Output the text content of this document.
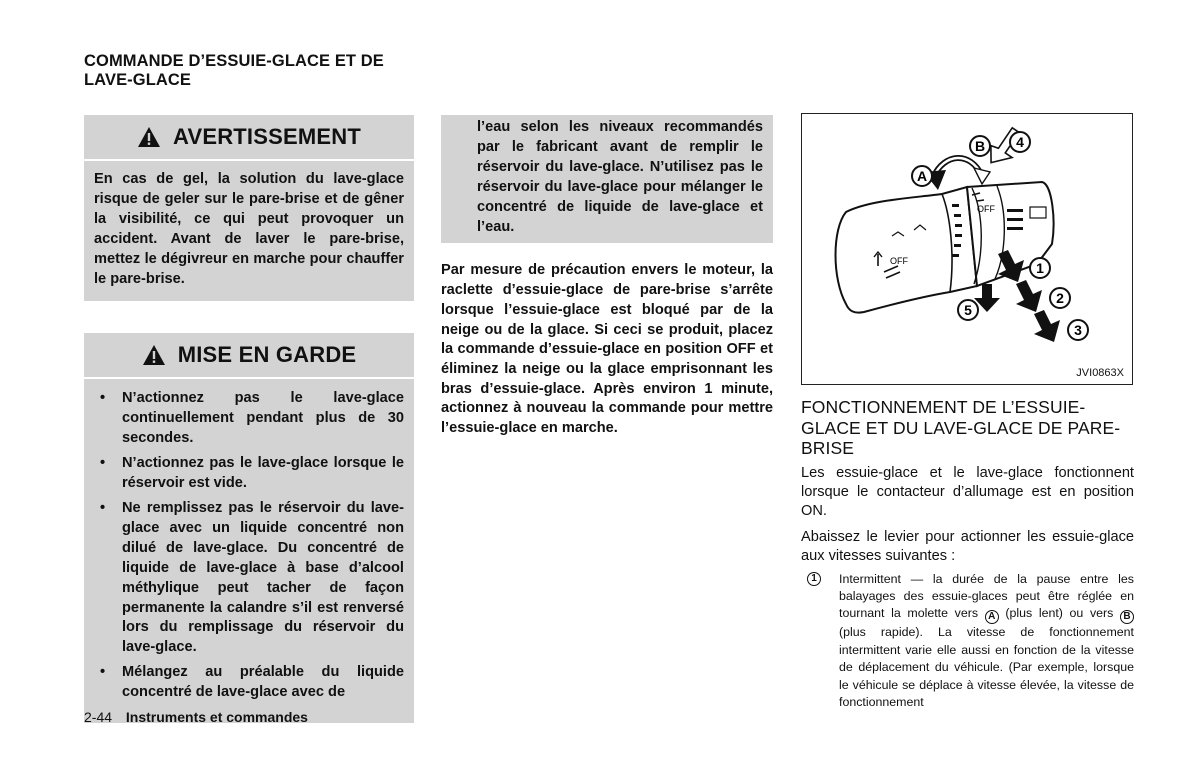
COMMANDE D’ESSUIE-GLACE ET DE LAVE-GLACE
AVERTISSEMENT
En cas de gel, la solution du lave-glace risque de geler sur le pare-brise et de gêner la visibilité, ce qui peut provoquer un accident. Avant de laver le pare-brise, mettez le dégivreur en marche pour chauffer le pare-brise.
MISE EN GARDE
• N’actionnez pas le lave-glace continuellement pendant plus de 30 secondes.
• N’actionnez pas le lave-glace lorsque le réservoir est vide.
• Ne remplissez pas le réservoir du lave-glace avec un liquide concentré non dilué de lave-glace. Du concentré de liquide de lave-glace à base d’alcool méthylique peut tacher de façon permanente la calandre s’il est renversé lors du remplissage du réservoir du lave-glace.
• Mélangez au préalable du liquide concentré de lave-glace avec de
l’eau selon les niveaux recommandés par le fabricant avant de remplir le réservoir du lave-glace. N’utilisez pas le réservoir du lave-glace pour mélanger le concentré de liquide de lave-glace et l’eau.
Par mesure de précaution envers le moteur, la raclette d’essuie-glace de pare-brise s’arrête lorsque l’essuie-glace est bloqué par de la neige ou de la glace. Si ceci se produit, placez la commande d’essuie-glace en position OFF et éliminez la neige ou la glace emprisonnant les bras d’essuie-glace. Après environ 1 minute, actionnez à nouveau la commande pour mettre l’essuie-glace en marche.
OFF
OFF
A
B 4
1
2
3
5
JVI0863X
FONCTIONNEMENT DE L’ESSUIE-GLACE ET DU LAVE-GLACE DE PARE-BRISE
Les essuie-glace et le lave-glace fonctionnent lorsque le contacteur d’allumage est en position ON.
Abaissez le levier pour actionner les essuie-glace aux vitesses suivantes :
1	Intermittent — la durée de la pause entre les balayages des essuie-glaces peut être réglée en tournant la molette vers A (plus lent) ou vers B (plus rapide). La vitesse de fonctionnement intermittent varie elle aussi en fonction de la vitesse de déplacement du véhicule. (Par exemple, lorsque le véhicule se déplace à vitesse élevée, la vitesse de fonctionnement
2-44 Instruments et commandes
